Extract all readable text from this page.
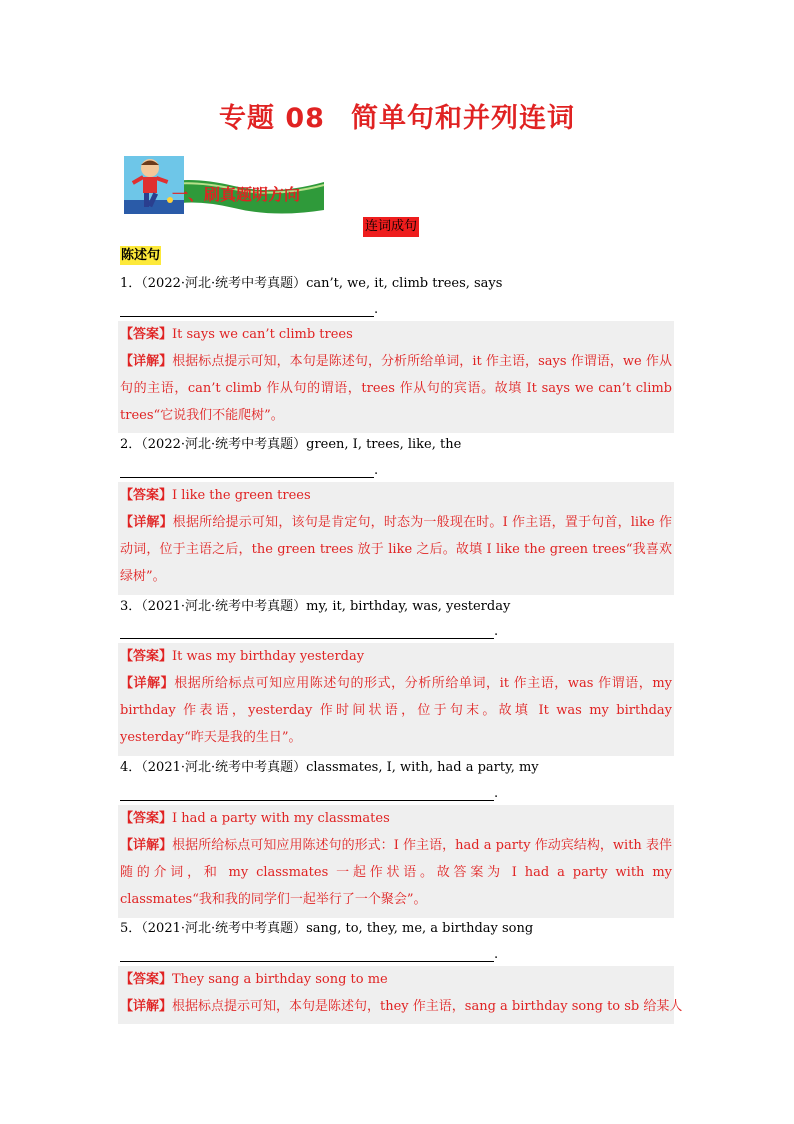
专题 08 简单句和并列连词
一、刷真题明方向
连词成句
陈述句
1．（2022·河北·统考中考真题）can’t, we, it, climb trees, says
.
【答案】It says we can’t climb trees
【详解】根据标点提示可知，本句是陈述句，分析所给单词，it 作主语，says 作谓语，we 作从句的主语，can’t climb 作从句的谓语，trees 作从句的宾语。故填 It says we can’t climb trees“它说我们不能爬树”。
2．（2022·河北·统考中考真题）green, I, trees, like, the
.
【答案】I like the green trees
【详解】根据所给提示可知，该句是肯定句，时态为一般现在时。I 作主语，置于句首，like 作动词，位于主语之后，the green trees 放于 like 之后。故填 I like the green trees“我喜欢绿树”。
3．（2021·河北·统考中考真题）my, it, birthday, was, yesterday
.
【答案】It was my birthday yesterday
【详解】根据所给标点可知应用陈述句的形式，分析所给单词，it 作主语，was 作谓语，my birthday 作表语，yesterday 作时间状语，位于句末。故填 It was my birthday yesterday“昨天是我的生日”。
4．（2021·河北·统考中考真题）classmates, I, with, had a party, my
.
【答案】I had a party with my classmates
【详解】根据所给标点可知应用陈述句的形式：I 作主语，had a party 作动宾结构，with 表伴随的介词，和 my classmates 一起作状语。故答案为 I had a party with my classmates“我和我的同学们一起举行了一个聚会”。
5．（2021·河北·统考中考真题）sang, to, they, me, a birthday song
.
【答案】They sang a birthday song to me
【详解】根据标点提示可知，本句是陈述句，they 作主语，sang a birthday song to sb 给某人
